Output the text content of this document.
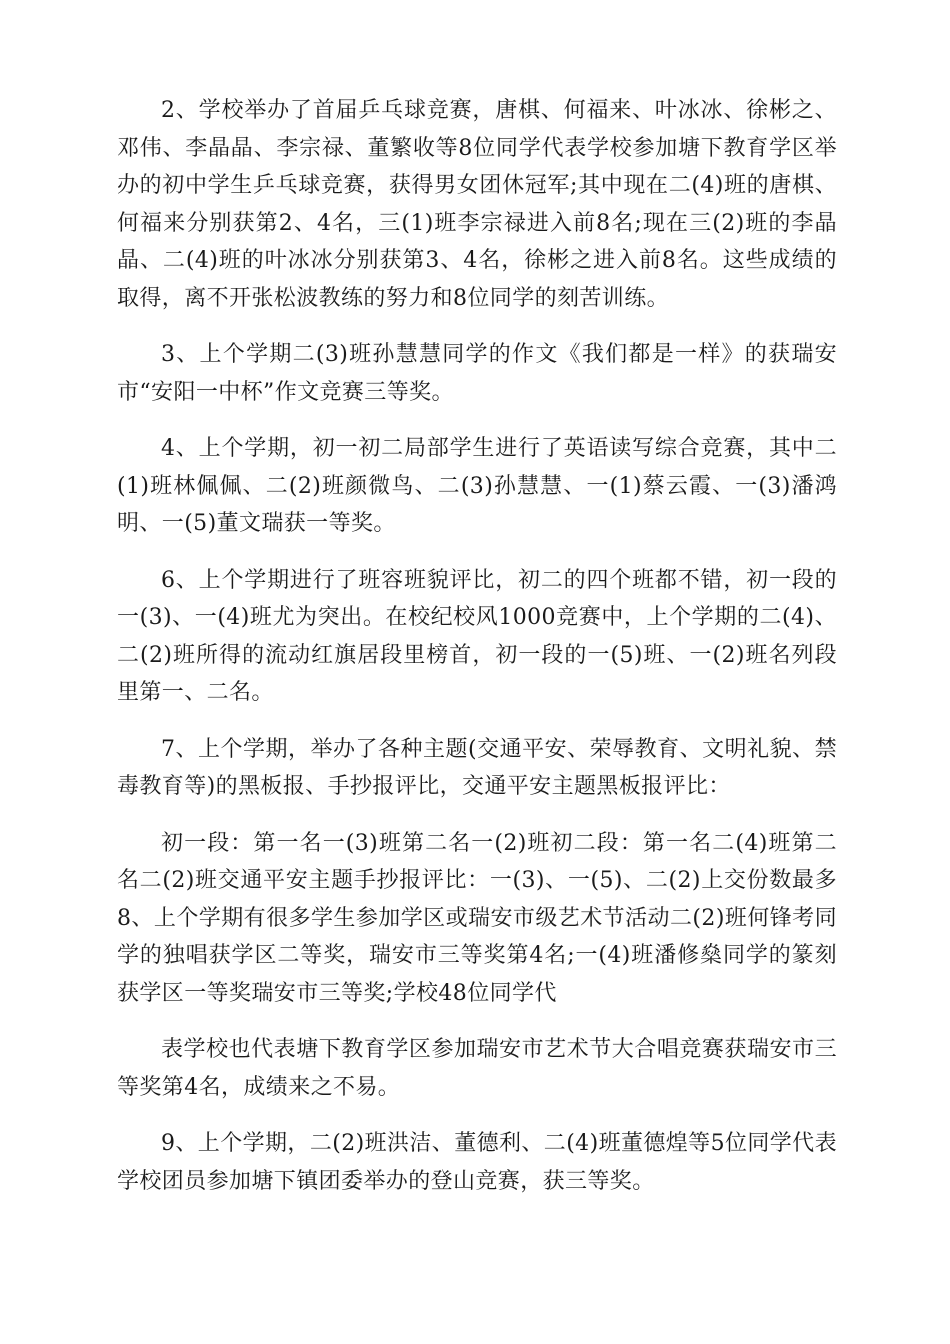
2、学校举办了首届乒乓球竞赛，唐棋、何福来、叶冰冰、徐彬之、邓伟、李晶晶、李宗禄、董繁收等8位同学代表学校参加塘下教育学区举办的初中学生乒乓球竞赛，获得男女团休冠军;其中现在二(4)班的唐棋、何福来分别获第2、4名，三(1)班李宗禄进入前8名;现在三(2)班的李晶晶、二(4)班的叶冰冰分别获第3、4名，徐彬之进入前8名。这些成绩的取得，离不开张松波教练的努力和8位同学的刻苦训练。

3、上个学期二(3)班孙慧慧同学的作文《我们都是一样》的获瑞安市“安阳一中杯”作文竞赛三等奖。

4、上个学期，初一初二局部学生进行了英语读写综合竞赛，其中二(1)班林佩佩、二(2)班颜微鸟、二(3)孙慧慧、一(1)蔡云霞、一(3)潘鸿明、一(5)董文瑞获一等奖。

6、上个学期进行了班容班貌评比，初二的四个班都不错，初一段的一(3)、一(4)班尤为突出。在校纪校风1000竞赛中，上个学期的二(4)、二(2)班所得的流动红旗居段里榜首，初一段的一(5)班、一(2)班名列段里第一、二名。

7、上个学期，举办了各种主题(交通平安、荣辱教育、文明礼貌、禁毒教育等)的黑板报、手抄报评比，交通平安主题黑板报评比：

初一段：第一名一(3)班第二名一(2)班初二段：第一名二(4)班第二名二(2)班交通平安主题手抄报评比：一(3)、一(5)、二(2)上交份数最多8、上个学期有很多学生参加学区或瑞安市级艺术节活动二(2)班何锋考同学的独唱获学区二等奖，瑞安市三等奖第4名;一(4)班潘修燊同学的篆刻获学区一等奖瑞安市三等奖;学校48位同学代

表学校也代表塘下教育学区参加瑞安市艺术节大合唱竞赛获瑞安市三等奖第4名，成绩来之不易。

9、上个学期，二(2)班洪洁、董德利、二(4)班董德煌等5位同学代表学校团员参加塘下镇团委举办的登山竞赛，获三等奖。
